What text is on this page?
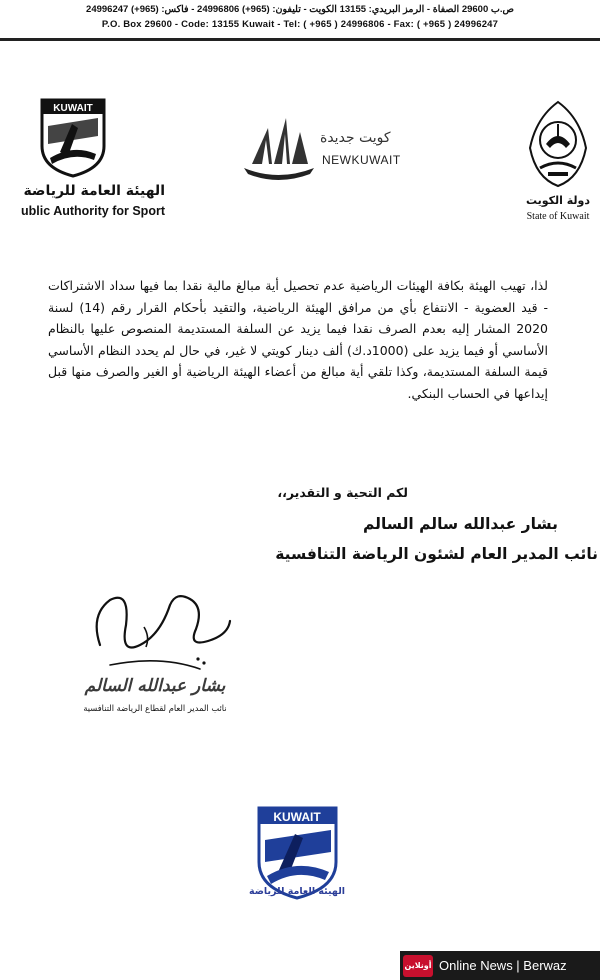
ص.ب 29600 الصفاة - الرمز البريدي: 13155 الكويت - تليفون: (965+) 24996806 - فاكس: (965+) 24996247
P.O. Box 29600 - Code: 13155 Kuwait - Tel: ( +965 ) 24996806 - Fax: ( +965 ) 24996247
KUWAIT
الهيئة العامة للرياضة
ublic Authority for Sport
كويت جديدة
NEWKUWAIT
دولة الكويت
State of Kuwait

لذا، تهيب الهيئة بكافة الهيئات الرياضية عدم تحصيل أية مبالغ مالية نقدا بما فيها سداد الاشتراكات - قيد العضوية - الانتفاع بأي من مرافق الهيئة الرياضية، والتقيد بأحكام القرار رقم (14) لسنة 2020 المشار إليه بعدم الصرف نقدا فيما يزيد عن السلفة المستديمة المنصوص عليها بالنظام الأساسي أو فيما يزيد على (1000د.ك) ألف دينار كويتي لا غير، في حال لم يحدد النظام الأساسي قيمة السلفة المستديمة، وكذا تلقي أية مبالغ من أعضاء الهيئة الرياضية أو الغير والصرف منها قبل إيداعها في الحساب البنكي.

لكم التحية و التقدير،،
بشار عبدالله سالم السالم
نائب المدير العام لشئون الرياضة التنافسية
بشار عبدالله السالم
نائب المدير العام لقطاع الرياضة التنافسية
KUWAIT
الهيئة العامة للرياضة
أونلاين Online News | Berwaz
